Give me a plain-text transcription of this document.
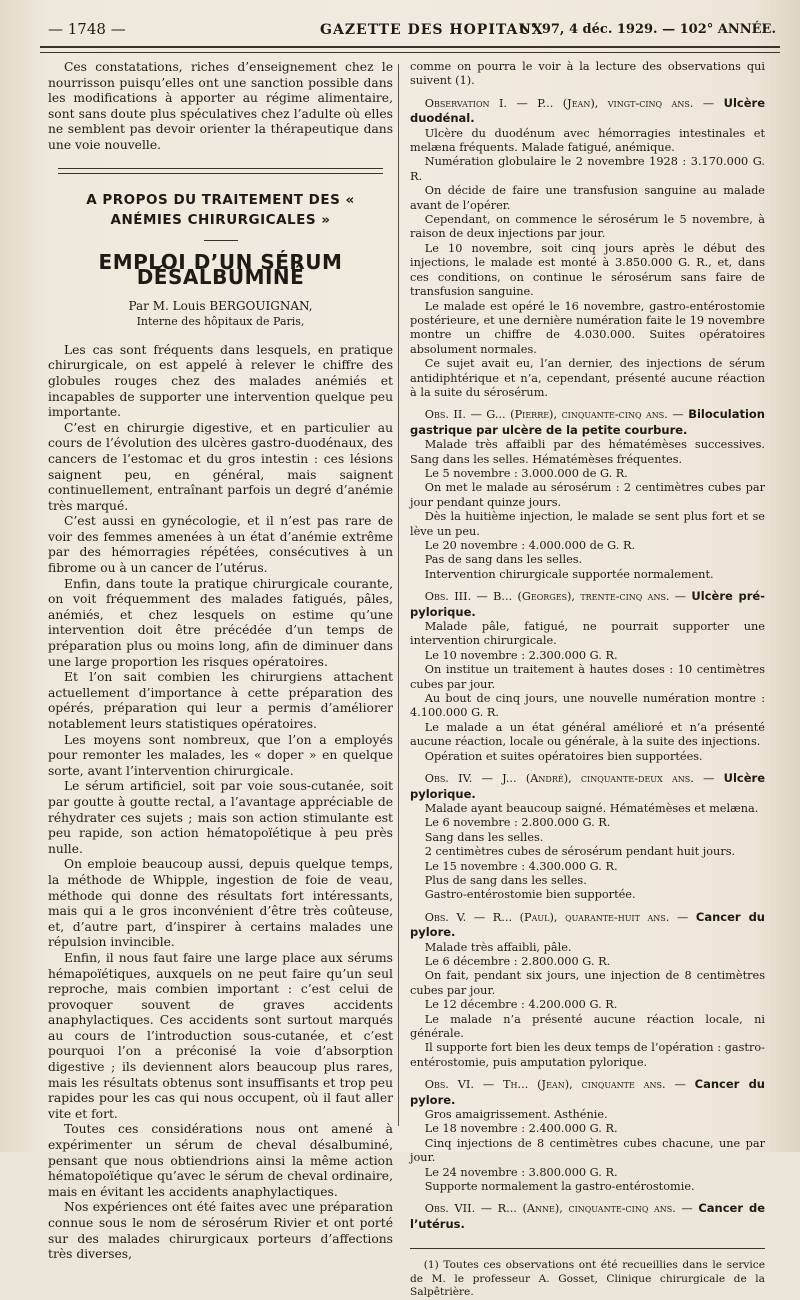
— 1748 —	GAZETTE DES HOPITAUX
N° 97, 4 déc. 1929. — 102° ANNÉE.

Ces constatations, riches d’enseignement chez le nourrisson puisqu’elles ont une sanction possible dans les modifications à apporter au régime alimentaire, sont sans doute plus spéculatives chez l’adulte où elles ne semblent pas devoir orienter la thérapeutique dans une voie nouvelle.

A PROPOS DU TRAITEMENT DES « ANÉMIES CHIRURGICALES »
EMPLOI D’UN SÉRUM DÉSALBUMINÉ
Par M. Louis BERGOUIGNAN,
Interne des hôpitaux de Paris,

Les cas sont fréquents dans lesquels, en pratique chirurgicale, on est appelé à relever le chiffre des globules rouges chez des malades anémiés et incapables de supporter une intervention quelque peu importante.

C’est en chirurgie digestive, et en particulier au cours de l’évolution des ulcères gastro-duodénaux, des cancers de l’estomac et du gros intestin : ces lésions saignent peu, en général, mais saignent continuellement, entraînant parfois un degré d’anémie très marqué.

C’est aussi en gynécologie, et il n’est pas rare de voir des femmes amenées à un état d’anémie extrême par des hémorragies répétées, consécutives à un fibrome ou à un cancer de l’utérus.

Enfin, dans toute la pratique chirurgicale courante, on voit fréquemment des malades fatigués, pâles, anémiés, et chez lesquels on estime qu’une intervention doit être précédée d’un temps de préparation plus ou moins long, afin de diminuer dans une large proportion les risques opératoires.

Et l’on sait combien les chirurgiens attachent actuellement d’importance à cette préparation des opérés, préparation qui leur a permis d’améliorer notablement leurs statistiques opératoires.

Les moyens sont nombreux, que l’on a employés pour remonter les malades, les « doper » en quelque sorte, avant l’intervention chirurgicale.

Le sérum artificiel, soit par voie sous-cutanée, soit par goutte à goutte rectal, a l’avantage appréciable de réhydrater ces sujets ; mais son action stimulante est peu rapide, son action hématopoïétique à peu près nulle.

On emploie beaucoup aussi, depuis quelque temps, la méthode de Whipple, ingestion de foie de veau, méthode qui donne des résultats fort intéressants, mais qui a le gros inconvénient d’être très coûteuse, et, d’autre part, d’inspirer à certains malades une répulsion invincible.

Enfin, il nous faut faire une large place aux sérums hémapoïétiques, auxquels on ne peut faire qu’un seul reproche, mais combien important : c’est celui de provoquer souvent de graves accidents anaphylactiques. Ces accidents sont surtout marqués au cours de l’introduction sous-cutanée, et c’est pourquoi l’on a préconisé la voie d’absorption digestive ; ils deviennent alors beaucoup plus rares, mais les résultats obtenus sont insuffisants et trop peu rapides pour les cas qui nous occupent, où il faut aller vite et fort.

Toutes ces considérations nous ont amené à expérimenter un sérum de cheval désalbuminé, pensant que nous obtiendrions ainsi la même action hématopoïétique qu’avec le sérum de cheval ordinaire, mais en évitant les accidents anaphylactiques.

Nos expériences ont été faites avec une préparation connue sous le nom de sérosérum Rivier et ont porté sur des malades chirurgicaux porteurs d’affections très diverses,

comme on pourra le voir à la lecture des observations qui suivent (1).

Observation I. — P... (Jean), vingt-cinq ans. — Ulcère duodénal.

Ulcère du duodénum avec hémorragies intestinales et melæna fréquents. Malade fatigué, anémique.

Numération globulaire le 2 novembre 1928 : 3.170.000 G. R.

On décide de faire une transfusion sanguine au malade avant de l’opérer.

Cependant, on commence le sérosérum le 5 novembre, à raison de deux injections par jour.

Le 10 novembre, soit cinq jours après le début des injections, le malade est monté à 3.850.000 G. R., et, dans ces conditions, on continue le sérosérum sans faire de transfusion sanguine.

Le malade est opéré le 16 novembre, gastro-entérostomie postérieure, et une dernière numération faite le 19 novembre montre un chiffre de 4.030.000. Suites opératoires absolument normales.

Ce sujet avait eu, l’an dernier, des injections de sérum antidiphtérique et n’a, cependant, présenté aucune réaction à la suite du sérosérum.

Obs. II. — G... (Pierre), cinquante-cinq ans. — Biloculation gastrique par ulcère de la petite courbure.

Malade très affaibli par des hématémèses successives. Sang dans les selles. Hématémèses fréquentes.

Le 5 novembre : 3.000.000 de G. R.

On met le malade au sérosérum : 2 centimètres cubes par jour pendant quinze jours.

Dès la huitième injection, le malade se sent plus fort et se lève un peu.

Le 20 novembre : 4.000.000 de G. R.

Pas de sang dans les selles.

Intervention chirurgicale supportée normalement.

Obs. III. — B... (Georges), trente-cinq ans. — Ulcère pré-pylorique.

Malade pâle, fatigué, ne pourrait supporter une intervention chirurgicale.

Le 10 novembre : 2.300.000 G. R.

On institue un traitement à hautes doses : 10 centimètres cubes par jour.

Au bout de cinq jours, une nouvelle numération montre : 4.100.000 G. R.

Le malade a un état général amélioré et n’a présenté aucune réaction, locale ou générale, à la suite des injections.

Opération et suites opératoires bien supportées.

Obs. IV. — J... (André), cinquante-deux ans. — Ulcère pylorique.

Malade ayant beaucoup saigné. Hématémèses et melæna.

Le 6 novembre : 2.800.000 G. R.

Sang dans les selles.

2 centimètres cubes de sérosérum pendant huit jours.

Le 15 novembre : 4.300.000 G. R.

Plus de sang dans les selles.

Gastro-entérostomie bien supportée.

Obs. V. — R... (Paul), quarante-huit ans. — Cancer du pylore.

Malade très affaibli, pâle.

Le 6 décembre : 2.800.000 G. R.

On fait, pendant six jours, une injection de 8 centimètres cubes par jour.

Le 12 décembre : 4.200.000 G. R.

Le malade n’a présenté aucune réaction locale, ni générale.

Il supporte fort bien les deux temps de l’opération : gastro-entérostomie, puis amputation pylorique.

Obs. VI. — Th... (Jean), cinquante ans. — Cancer du pylore.

Gros amaigrissement. Asthénie.

Le 18 novembre : 2.400.000 G. R.

Cinq injections de 8 centimètres cubes chacune, une par jour.

Le 24 novembre : 3.800.000 G. R.

Supporte normalement la gastro-entérostomie.

Obs. VII. — R... (Anne), cinquante-cinq ans. — Cancer de l’utérus.

(1) Toutes ces observations ont été recueillies dans le service de M. le professeur A. Gosset, Clinique chirurgicale de la Salpêtrière.
